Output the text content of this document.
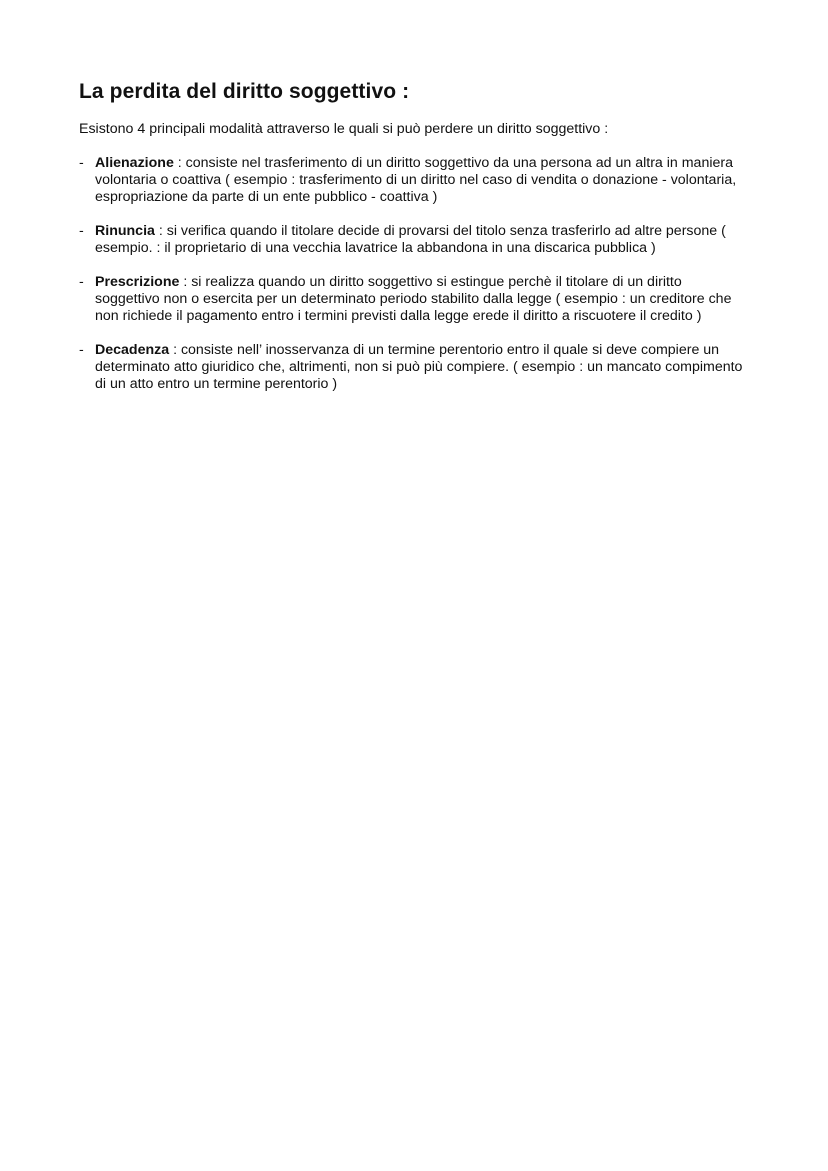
La perdita del diritto soggettivo :

Esistono 4 principali modalità attraverso le quali si può perdere un diritto soggettivo :

- Alienazione : consiste nel trasferimento di un diritto soggettivo da una persona ad un altra in maniera volontaria o coattiva ( esempio : trasferimento di un diritto nel caso di vendita o donazione - volontaria, espropriazione da parte di un ente pubblico - coattiva )
- Rinuncia : si verifica quando il titolare decide di provarsi del titolo senza trasferirlo ad altre persone ( esempio. : il proprietario di una vecchia lavatrice la abbandona in una discarica pubblica )
- Prescrizione : si realizza quando un diritto soggettivo si estingue perchè il titolare di un diritto soggettivo non o esercita per un determinato periodo stabilito dalla legge ( esempio : un creditore che non richiede il pagamento entro i termini previsti dalla legge erede il diritto a riscuotere il credito )
- Decadenza : consiste nell’ inosservanza di un termine perentorio entro il quale si deve compiere un determinato atto giuridico che, altrimenti, non si può più compiere. ( esempio : un mancato compimento di un atto entro un termine perentorio )
